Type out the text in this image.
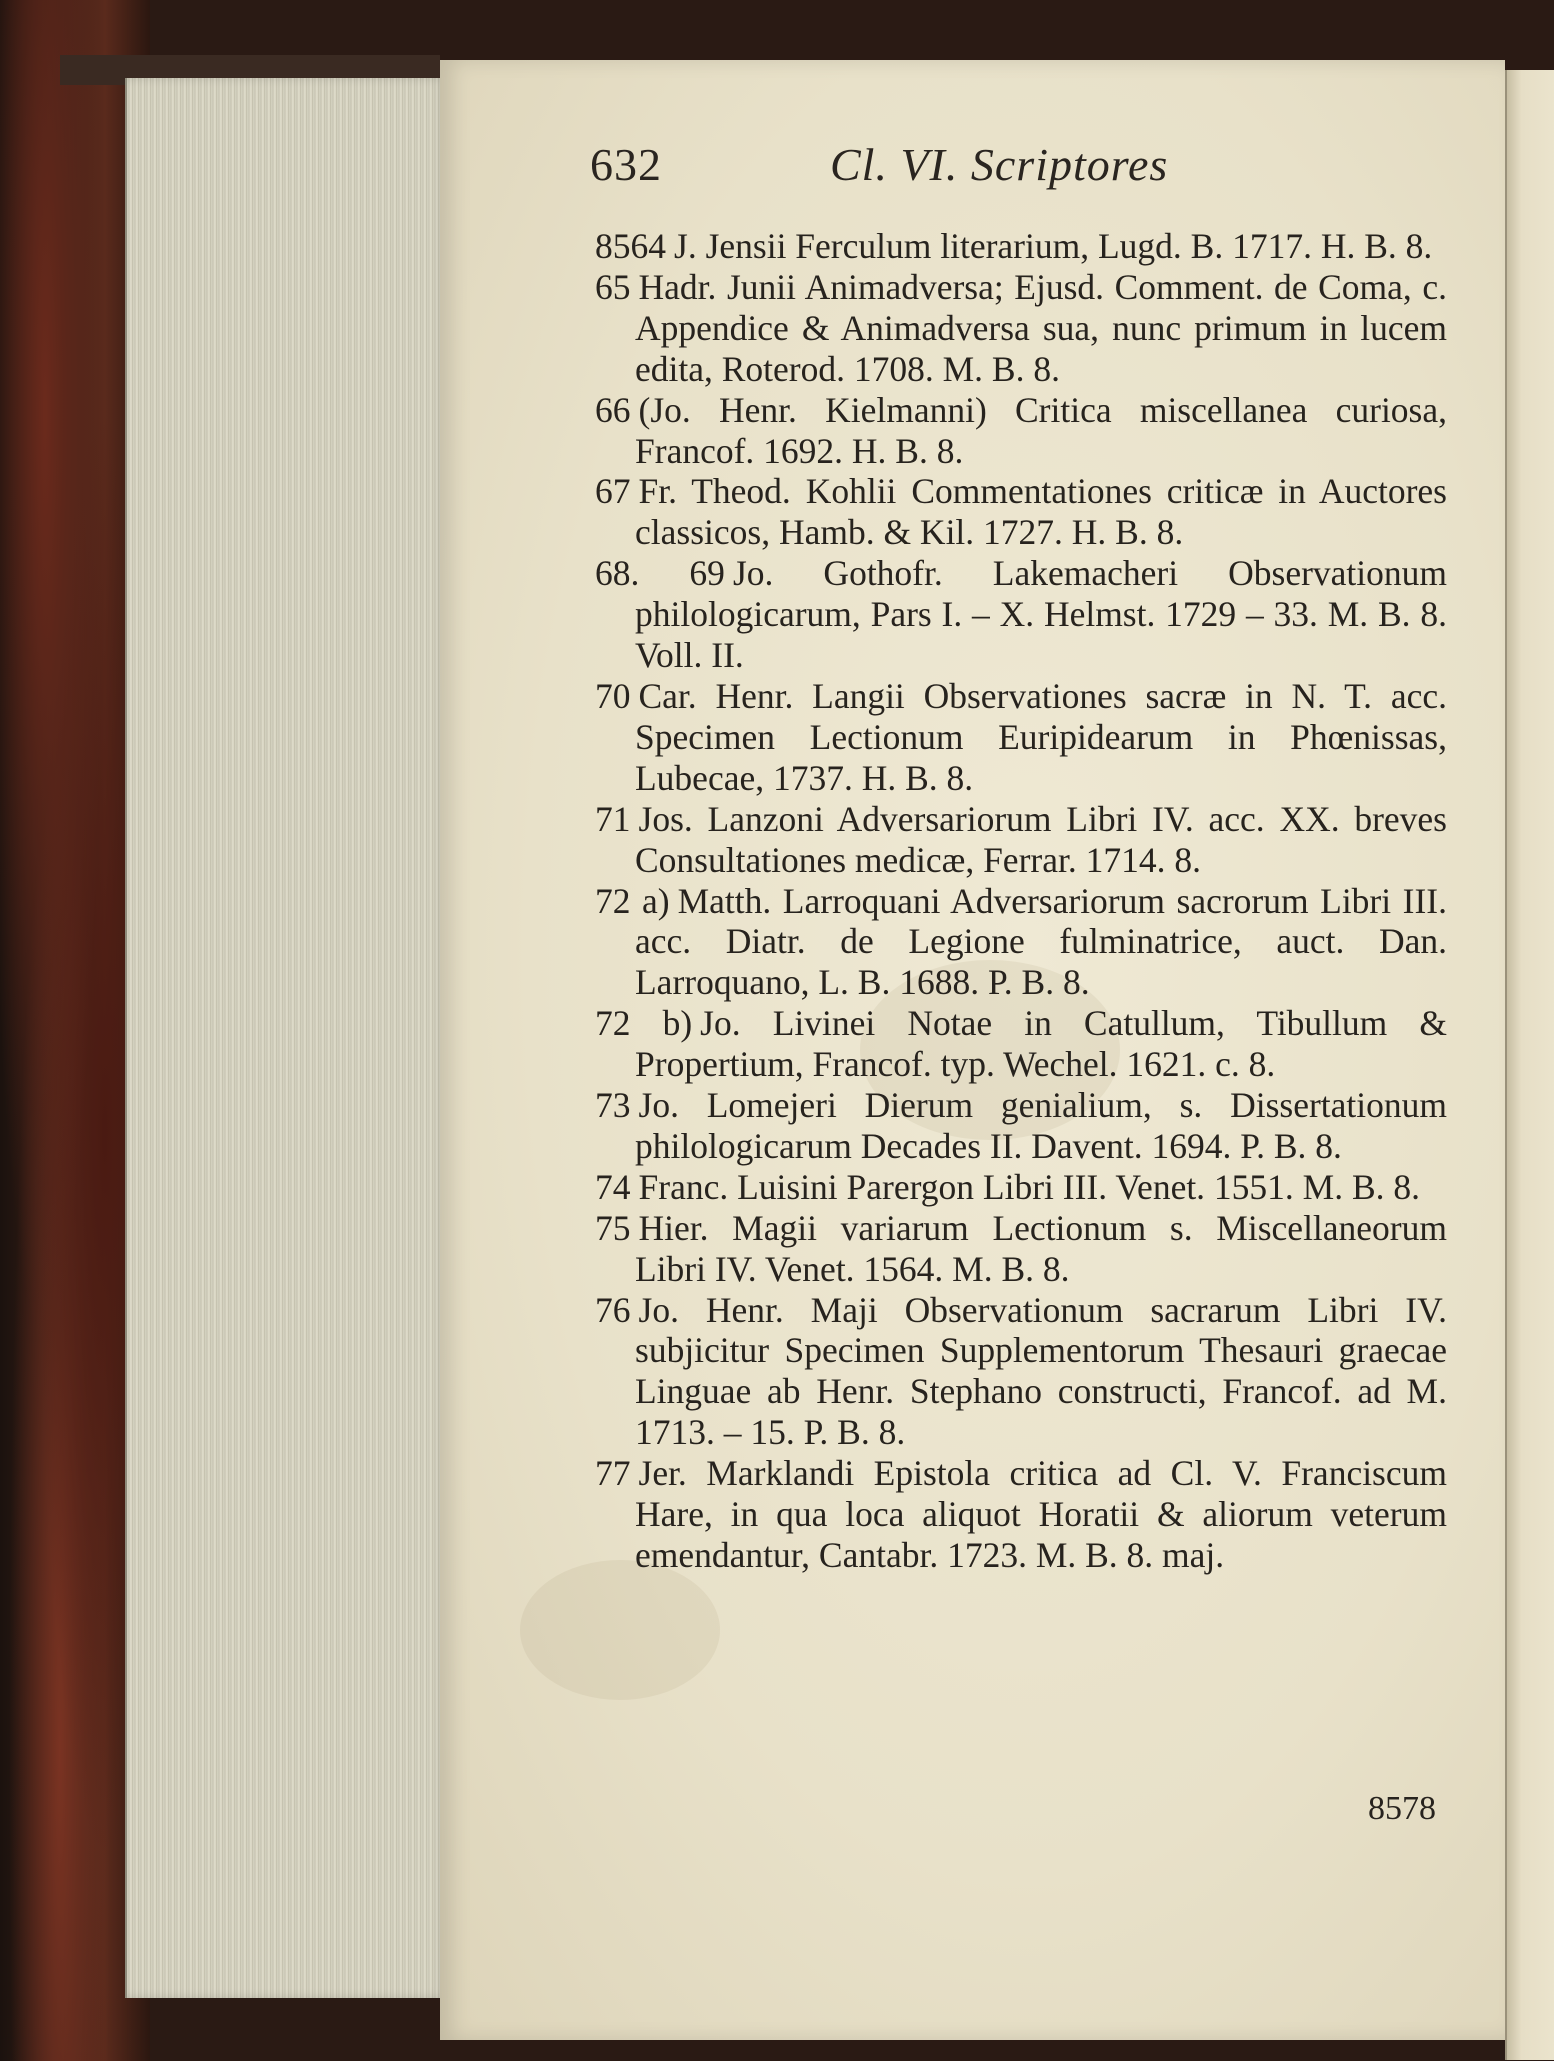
632	Cl. VI. Scriptores
8564 J. Jensii Ferculum literarium, Lugd. B. 1717. H. B. 8.
65 Hadr. Junii Animadversa; Ejusd. Comment. de Coma, c. Appendice & Animadversa sua, nunc primum in lucem edita, Roterod. 1708. M. B. 8.
66 (Jo. Henr. Kielmanni) Critica miscellanea curiosa, Francof. 1692. H. B. 8.
67 Fr. Theod. Kohlii Commentationes criticæ in Auctores classicos, Hamb. & Kil. 1727. H. B. 8.
68. 69 Jo. Gothofr. Lakemacheri Observationum philologicarum, Pars I. – X. Helmst. 1729 – 33. M. B. 8. Voll. II.
70 Car. Henr. Langii Observationes sacræ in N. T. acc. Specimen Lectionum Euripidearum in Phœnissas, Lubecae, 1737. H. B. 8.
71 Jos. Lanzoni Adversariorum Libri IV. acc. XX. breves Consultationes medicæ, Ferrar. 1714. 8.
72 a) Matth. Larroquani Adversariorum sacrorum Libri III. acc. Diatr. de Legione fulminatrice, auct. Dan. Larroquano, L. B. 1688. P. B. 8.
72 b) Jo. Livinei Notae in Catullum, Tibullum & Propertium, Francof. typ. Wechel. 1621. c. 8.
73 Jo. Lomejeri Dierum genialium, s. Dissertationum philologicarum Decades II. Davent. 1694. P. B. 8.
74 Franc. Luisini Parergon Libri III. Venet. 1551. M. B. 8.
75 Hier. Magii variarum Lectionum s. Miscellaneorum Libri IV. Venet. 1564. M. B. 8.
76 Jo. Henr. Maji Observationum sacrarum Libri IV. subjicitur Specimen Supplementorum Thesauri graecae Linguae ab Henr. Stephano constructi, Francof. ad M. 1713. – 15. P. B. 8.
77 Jer. Marklandi Epistola critica ad Cl. V. Franciscum Hare, in qua loca aliquot Horatii & aliorum veterum emendantur, Cantabr. 1723. M. B. 8. maj.
8578
